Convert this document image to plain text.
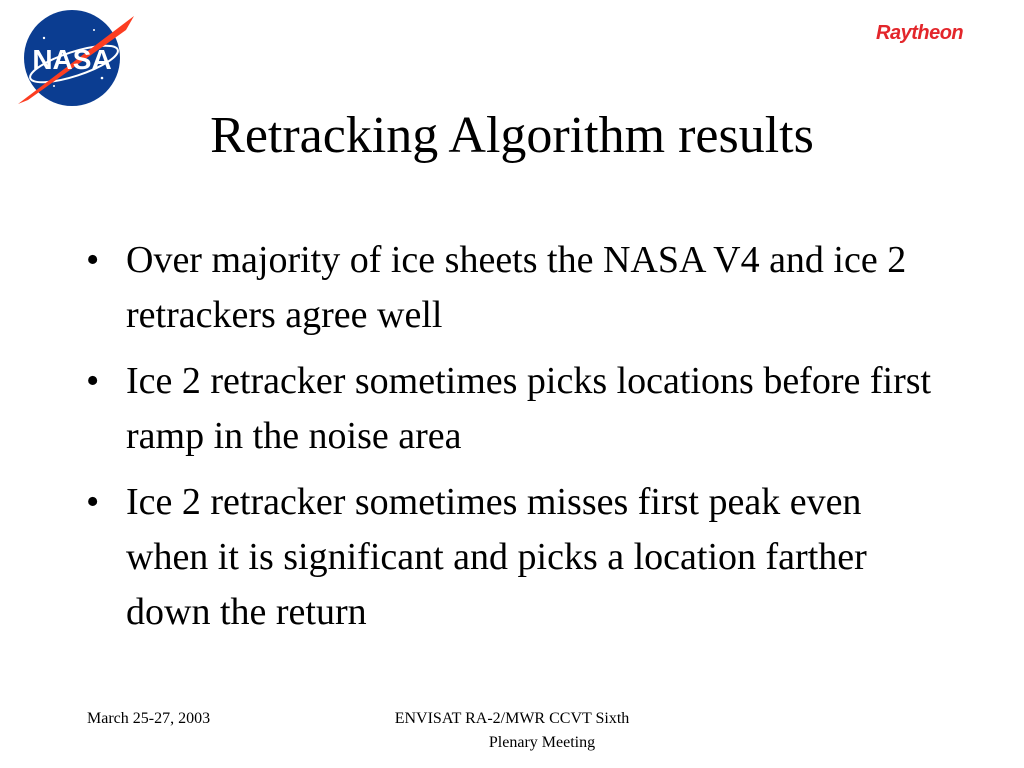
NASA
Raytheon
Retracking Algorithm results
• Over majority of ice sheets the NASA V4 and ice 2 retrackers agree well
• Ice 2 retracker sometimes picks locations before first ramp in the noise area
• Ice 2 retracker sometimes misses first peak even when it is significant and picks a location farther down the return
March 25-27, 2003	ENVISAT RA-2/MWR CCVT Sixth
Plenary Meeting
